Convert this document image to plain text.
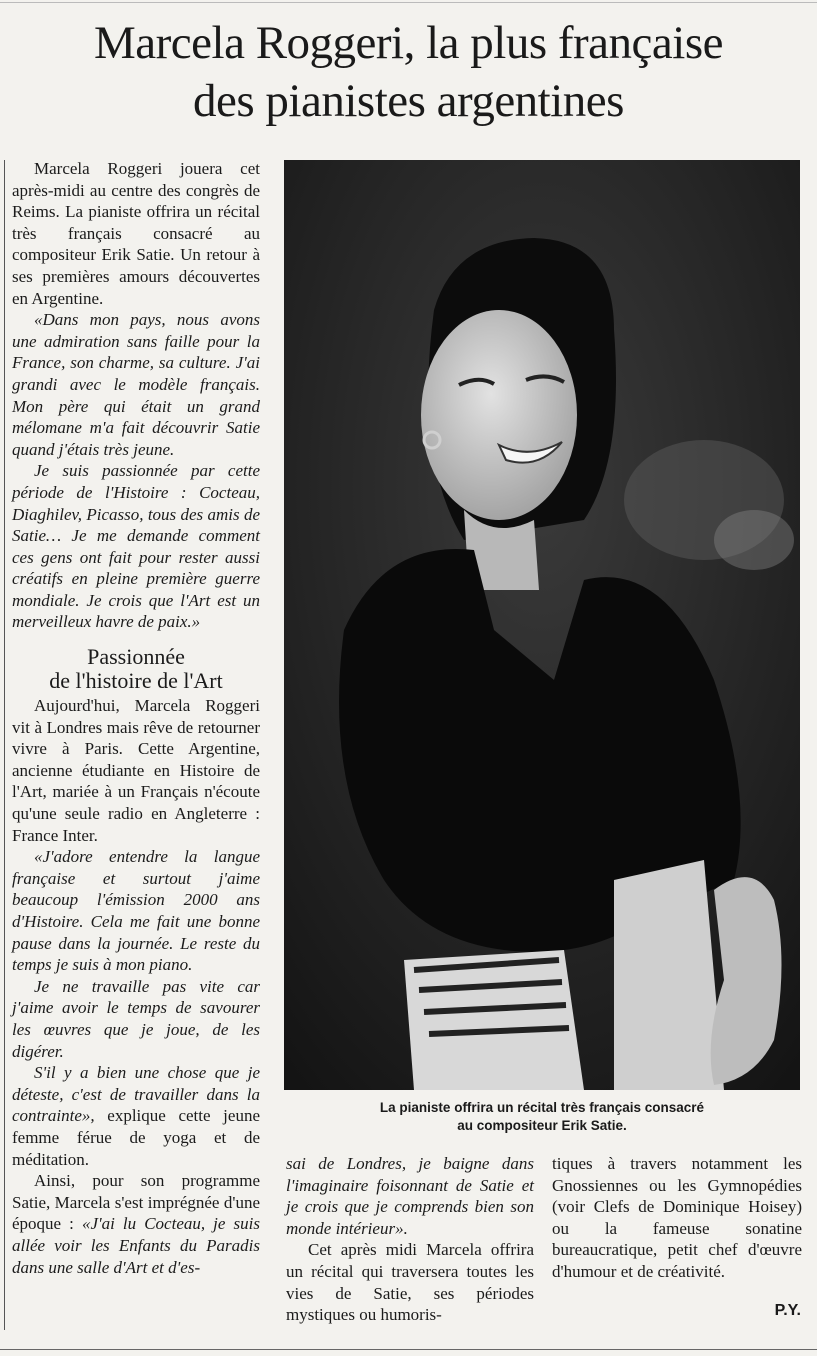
Marcela Roggeri, la plus française
des pianistes argentines

Marcela Roggeri jouera cet après-midi au centre des congrès de Reims. La pianiste offrira un récital très français consacré au compositeur Erik Satie. Un retour à ses premières amours découvertes en Argentine.

«Dans mon pays, nous avons une admiration sans faille pour la France, son charme, sa culture. J'ai grandi avec le modèle français. Mon père qui était un grand mélomane m'a fait découvrir Satie quand j'étais très jeune.

Je suis passionnée par cette période de l'Histoire : Cocteau, Diaghilev, Picasso, tous des amis de Satie… Je me demande comment ces gens ont fait pour rester aussi créatifs en pleine première guerre mondiale. Je crois que l'Art est un merveilleux havre de paix.»

Passionnée
de l'histoire de l'Art

Aujourd'hui, Marcela Roggeri vit à Londres mais rêve de retourner vivre à Paris. Cette Argentine, ancienne étudiante en Histoire de l'Art, mariée à un Français n'écoute qu'une seule radio en Angleterre : France Inter.

«J'adore entendre la langue française et surtout j'aime beaucoup l'émission 2000 ans d'Histoire. Cela me fait une bonne pause dans la journée. Le reste du temps je suis à mon piano.

Je ne travaille pas vite car j'aime avoir le temps de savourer les œuvres que je joue, de les digérer.

S'il y a bien une chose que je déteste, c'est de travailler dans la contrainte», explique cette jeune femme férue de yoga et de méditation.

Ainsi, pour son programme Satie, Marcela s'est imprégnée d'une époque : «J'ai lu Cocteau, je suis allée voir les Enfants du Paradis dans une salle d'Art et d'es-

La pianiste offrira un récital très français consacré
au compositeur Erik Satie.

sai de Londres, je baigne dans l'imaginaire foisonnant de Satie et je crois que je comprends bien son monde intérieur».

Cet après midi Marcela offrira un récital qui traversera toutes les vies de Satie, ses périodes mystiques ou humoris-

tiques à travers notamment les Gnossiennes ou les Gymnopédies (voir Clefs de Dominique Hoisey) ou la fameuse sonatine bureaucratique, petit chef d'œuvre d'humour et de créativité.

P.Y.
